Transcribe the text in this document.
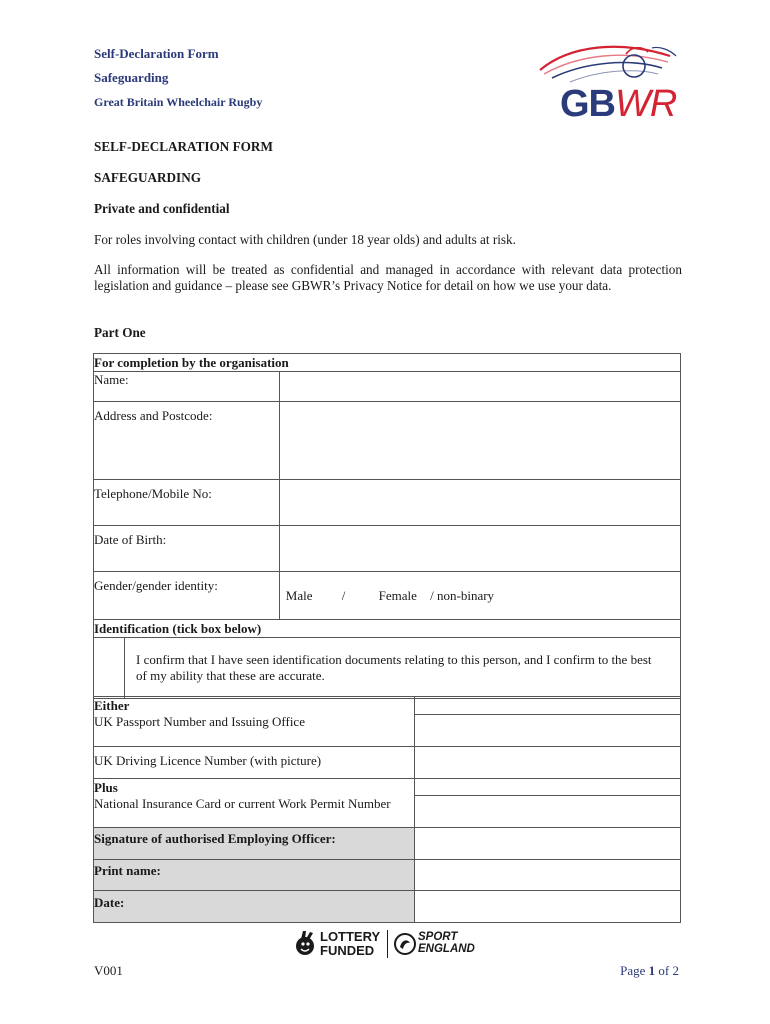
Self-Declaration Form
Safeguarding
Great Britain Wheelchair Rugby	GBWR
SELF-DECLARATION FORM
SAFEGUARDING
Private and confidential
For roles involving contact with children (under 18 year olds) and adults at risk.
All information will be treated as confidential and managed in accordance with relevant data protection legislation and guidance – please see GBWR’s Privacy Notice for detail on how we use your data.
Part One
For completion by the organisation	
Name:	
Address and Postcode:	
Telephone/Mobile No:	
Date of Birth:	
Gender/gender identity:	Male / Female / non-binary
Identification (tick box below)	

I confirm that I have seen identification documents relating to this person, and I confirm to the best of my ability that these are accurate.	
Either	
UK Passport Number and Issuing Office	
UK Driving Licence Number (with picture)	
Plus	
National Insurance Card or current Work Permit Number	
Signature of authorised Employing Officer:	
Print name:	
Date:	
LOTTERY
FUNDED
SPORT
ENGLAND
V001	Page 1 of 2
